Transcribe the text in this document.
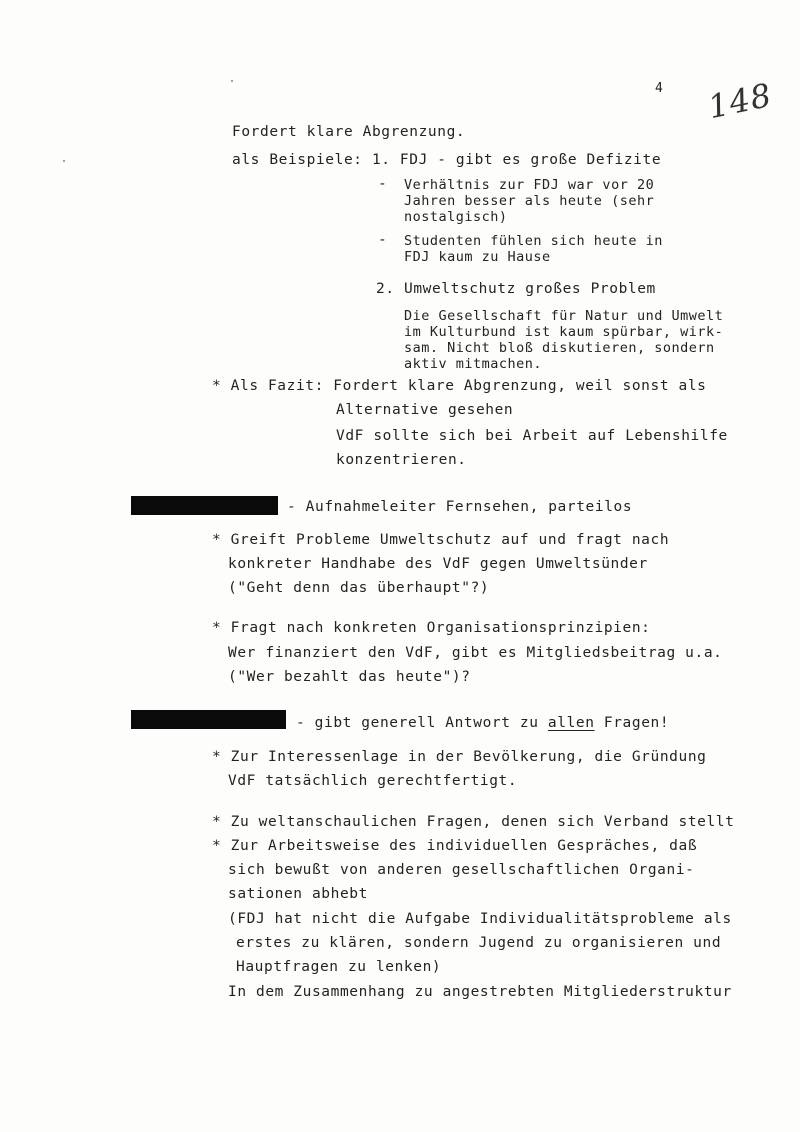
4 148
Fordert klare Abgrenzung.
als Beispiele: 1. FDJ - gibt es große Defizite
- Verhältnis zur FDJ war vor 20
Jahren besser als heute (sehr
nostalgisch)
- Studenten fühlen sich heute in
FDJ kaum zu Hause
2. Umweltschutz großes Problem
Die Gesellschaft für Natur und Umwelt
im Kulturbund ist kaum spürbar, wirk-
sam. Nicht bloß diskutieren, sondern
aktiv mitmachen.
* Als Fazit: Fordert klare Abgrenzung, weil sonst als
Alternative gesehen
VdF sollte sich bei Arbeit auf Lebenshilfe
konzentrieren.
- Aufnahmeleiter Fernsehen, parteilos
* Greift Probleme Umweltschutz auf und fragt nach
konkreter Handhabe des VdF gegen Umweltsünder
("Geht denn das überhaupt"?)
* Fragt nach konkreten Organisationsprinzipien:
Wer finanziert den VdF, gibt es Mitgliedsbeitrag u.a.
("Wer bezahlt das heute")?
- gibt generell Antwort zu allen Fragen!
* Zur Interessenlage in der Bevölkerung, die Gründung
VdF tatsächlich gerechtfertigt.
* Zu weltanschaulichen Fragen, denen sich Verband stellt
* Zur Arbeitsweise des individuellen Gespräches, daß
sich bewußt von anderen gesellschaftlichen Organi-
sationen abhebt
(FDJ hat nicht die Aufgabe Individualitätsprobleme als
erstes zu klären, sondern Jugend zu organisieren und
Hauptfragen zu lenken)
In dem Zusammenhang zu angestrebten Mitgliederstruktur
